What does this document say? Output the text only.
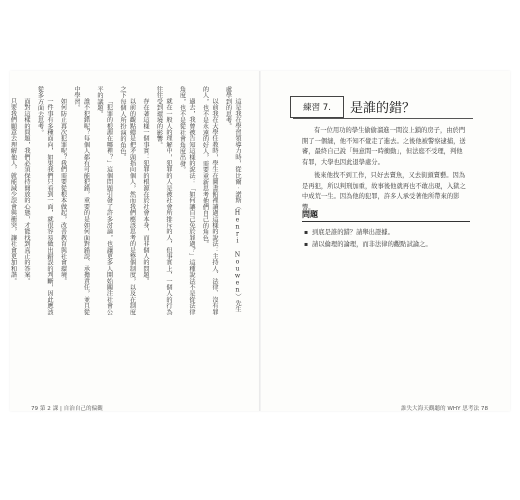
這是我在學習領導力時，從比爾‧諾斯（Henri Nouwen）先生處學到的思考。

以前我在大學任教時，學生在圖書館裡讀過這樣的說法：主持人、法律、沒有罪的人，也不是永遠的好人，需要重新思考他們自己的角色。

過去，我曾被告知這樣的說法：「如何讓自己免於罪過？」這種說法不是從法律角度，也不是從社會角度出發。

就在一般人的理解中，犯罪的人是被社會所排斥的人，但事實上，一個人的行為往往受到環境的影響。

存在著這樣一個事實：犯罪的根源在於社會本身，而非個人的問題。

以前的觀點總是把矛頭指向個人，然而我們應該思考的是整個制度，以及在制度之下每個人所扮演的角色。

「犯罪的根源在哪裡？」這個問題引發了許多討論，也讓更多人開始關注社會公平的議題。

誰不犯錯呢？每個人都有可能犯錯，重要的是如何面對錯誤、承擔責任，並且從中學習。

如何防止再次犯罪呢？我們需要從根本做起，改善教育與社會環境。

一件事有多種面向，如果我們只看到一面，就很容易做出錯誤的判斷，因此應該從多方面去思考。

面對這樣的問題，我們必須保持開放的心態，才能找到真正的答案。

只要我們願意去理解他人，就能減少誤會與衝突，讓社會更加和諧。	練習 7.	是誰的錯？

有一位用功的學生偷偷溜進一間沒上鎖的房子，由於門開了一個縫，他不知不覺走了進去。之後他被警察逮捕，送審，最終自己說「無意間一時衝動」，但法庭不受理，判他有罪，大學也因此退學處分。

後來他找不到工作，只好去賣魚，又去街頭賣藝。因為是再犯，所以判刑加重，故事後他就再也不敢出現，入獄之中成荒一生。因為他的犯罪，許多人承受著他所帶來的影響。

問題
▪ 到底是誰的錯？請舉出證據。
▪ 請以倫理的論理，而非法律的觀點試論之。
79 第 2 課 | 自治自己的偏觀	誰失大海天觀聽的 WHY 思考法 78
